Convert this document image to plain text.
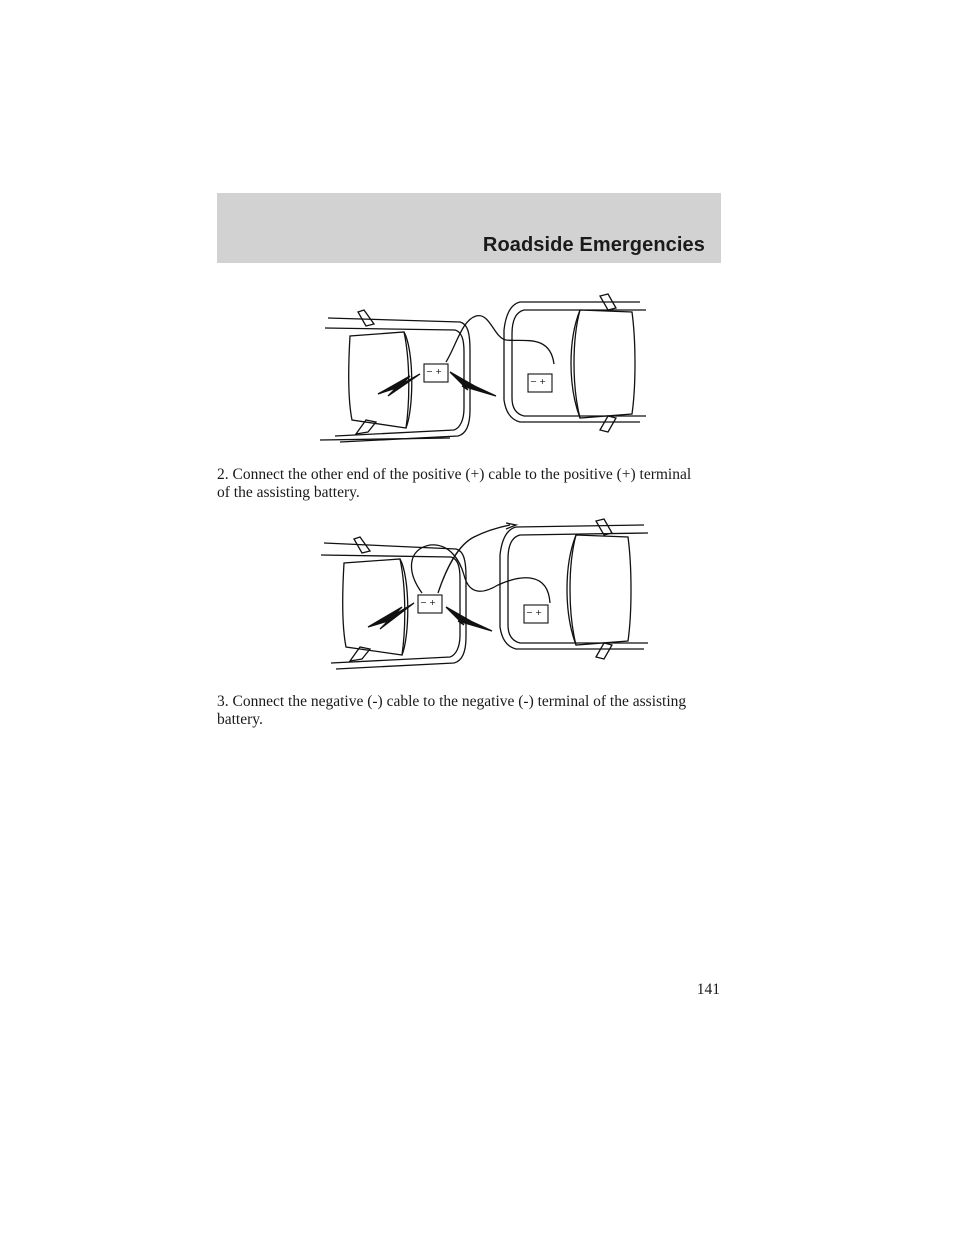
Roadside Emergencies
− +
− +
2. Connect the other end of the positive (+) cable to the positive (+) terminal of the assisting battery.
− +
− +
3. Connect the negative (-) cable to the negative (-) terminal of the assisting battery.
141
